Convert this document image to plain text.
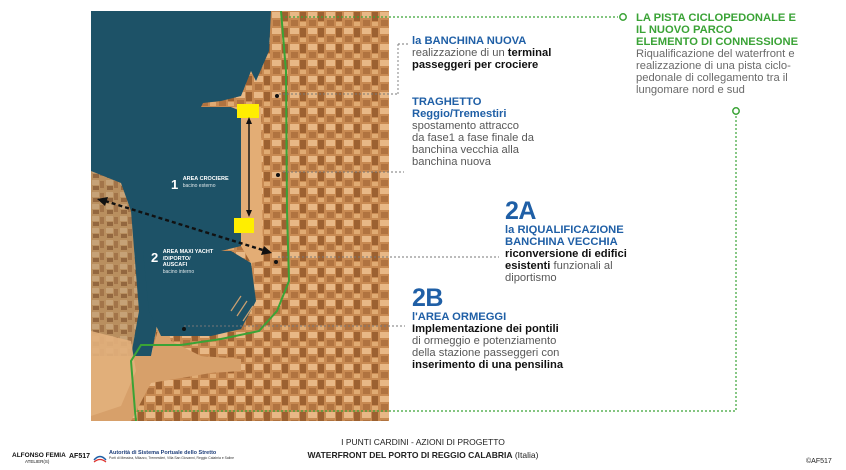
1 AREA CROCIERE
bacino esterno
2 AREA MAXI YACHT
/DIPORTO/
AUSCAFI
bacino interno
la BANCHINA NUOVA
realizzazione di un terminal
passeggeri per crociere
TRAGHETTO
Reggio/Tremestiri
spostamento attracco
da fase1 a fase finale da
banchina vecchia alla
banchina nuova
LA PISTA CICLOPEDONALE E
IL NUOVO PARCO
ELEMENTO DI CONNESSIONE
Riqualificazione del waterfront e
realizzazione di una pista ciclo-
pedonale di collegamento tra il
lungomare nord e sud
2A
la RIQUALIFICAZIONE
BANCHINA VECCHIA
riconversione di edifici
esistenti funzionali al
diportismo
2B
l'AREA ORMEGGI
Implementazione dei pontili
di ormeggio e potenziamento
della stazione passeggeri con
inserimento di una pensilina
I PUNTI CARDINI - AZIONI DI PROGETTO
WATERFRONT DEL PORTO DI REGGIO CALABRIA (Italia)
©AF517
ALFONSO FEMIA
ATELIER(S)
AF517	Autorità di Sistema Portuale dello Stretto
Porti di Messina, Milazzo, Tremestieri, Villa San Giovanni, Reggio Calabria e Saline
